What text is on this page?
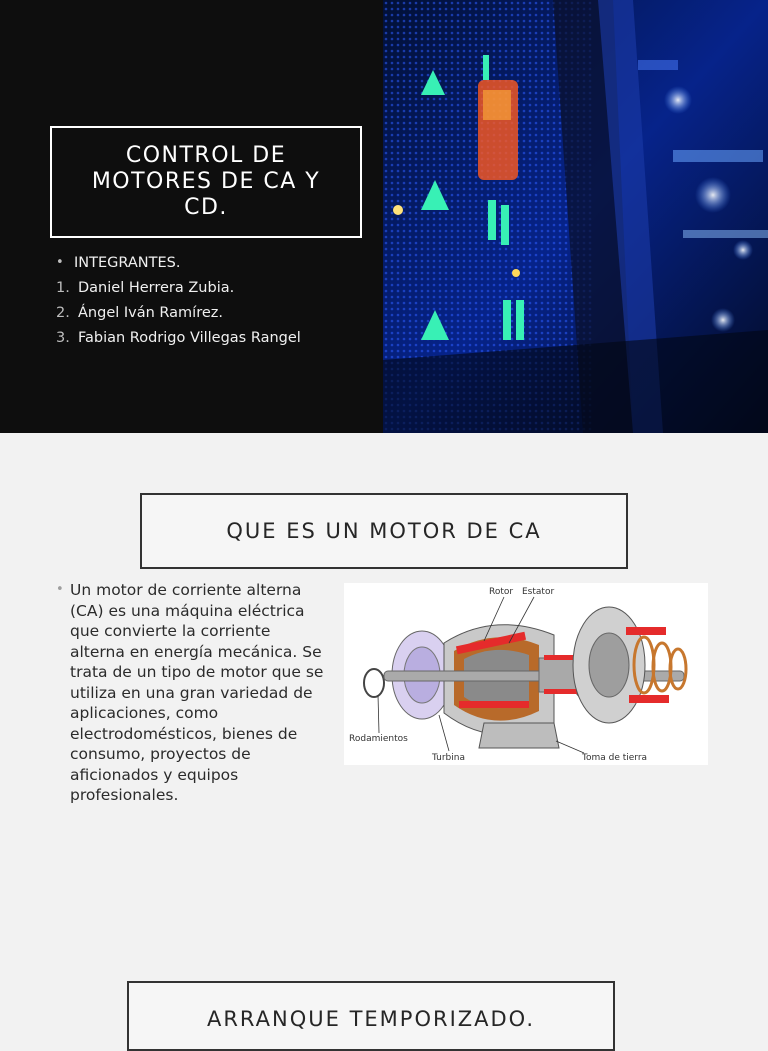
CONTROL DE MOTORES DE CA Y CD.
• INTEGRANTES.
1. Daniel Herrera Zubia.
2. Ángel Iván Ramírez.
3. Fabian Rodrigo Villegas Rangel
QUE ES UN MOTOR DE CA
• Un motor de corriente alterna (CA) es una máquina eléctrica que convierte la corriente alterna en energía mecánica. Se trata de un tipo de motor que se utiliza en una gran variedad de aplicaciones, como electrodomésticos, bienes de consumo, proyectos de aficionados y equipos profesionales.

Rotor Estator
Rodamientos
Turbina	Toma de tierra
ARRANQUE TEMPORIZADO.
